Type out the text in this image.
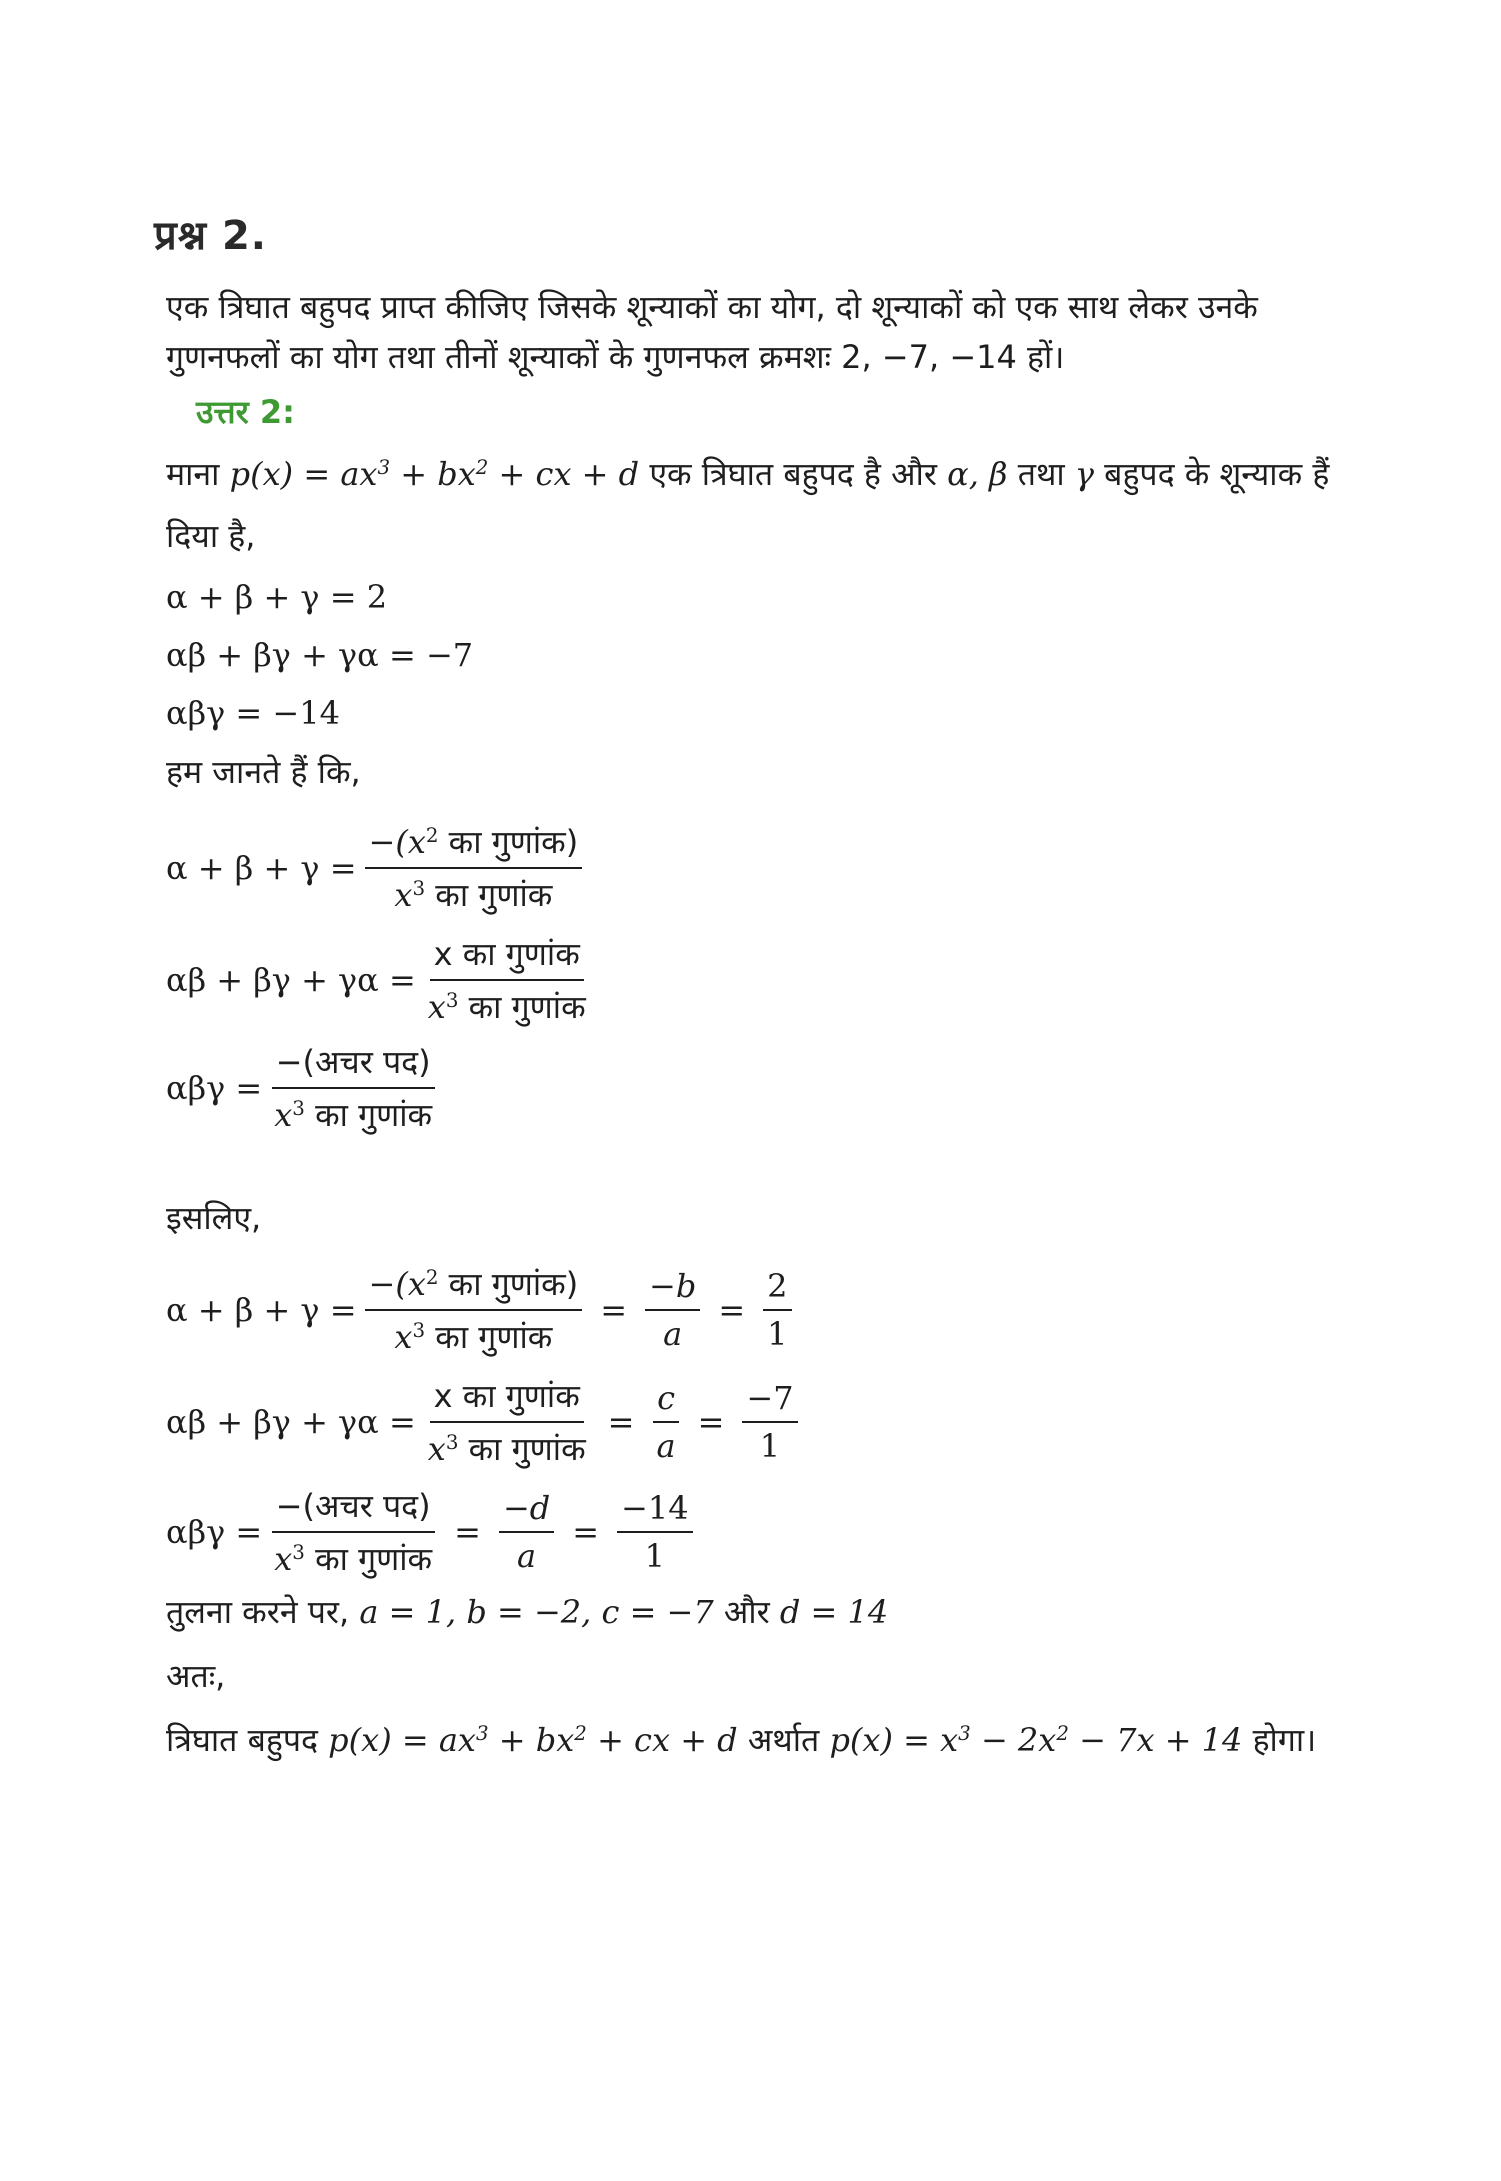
प्रश्न 2.
एक त्रिघात बहुपद प्राप्त कीजिए जिसके शून्याकों का योग, दो शून्याकों को एक साथ लेकर उनके गुणनफलों का योग तथा तीनों शून्याकों के गुणनफल क्रमशः 2, −7, −14 हों।
उत्तर 2:
माना $p(x) = ax^3 + bx^2$ + cx + d एक त्रिघात बहुपद है और α, β तथा γ बहुपद के शून्याक हैं
दिया है,
α + β + γ = 2
αβ + βγ + γα = −7
αβγ = −14
हम जानते हैं कि,
$\alpha + \beta + \gamma = \frac{-(x^2 का गुणांक)}{x^3 का गुणांक}$
$\alpha\beta + \beta\gamma + \gamma\alpha = \frac{\text{x का गुणांक}}{x^3 का गुणांक}$
$\alpha\beta\gamma = \frac{\text{−(अचर पद)}}{x^3 का गुणांक}$
इसलिए,
$\alpha + \beta + \gamma = \frac{-(x^2 का गुणांक)}{x^3 का गुणांक} = \frac{-b}{a} = \frac{2}{1}$
$\alpha\beta + \beta\gamma + \gamma\alpha = \frac{\text{x का गुणांक}}{x^3 का गुणांक} = \frac{c}{a} = \frac{-7}{1}$
$\alpha\beta\gamma = \frac{\text{−(अचर पद)}}{x^3 का गुणांक} = \frac{-d}{a} = \frac{-14}{1}$
तुलना करने पर, a = 1, b = −2, c = −7 और d = 14
अतः,
त्रिघात बहुपद $p(x) = ax^3 + bx^2$ + cx + d अर्थात $p(x) = x^3 - 2x^2 - 7x + 14$ होगा।
